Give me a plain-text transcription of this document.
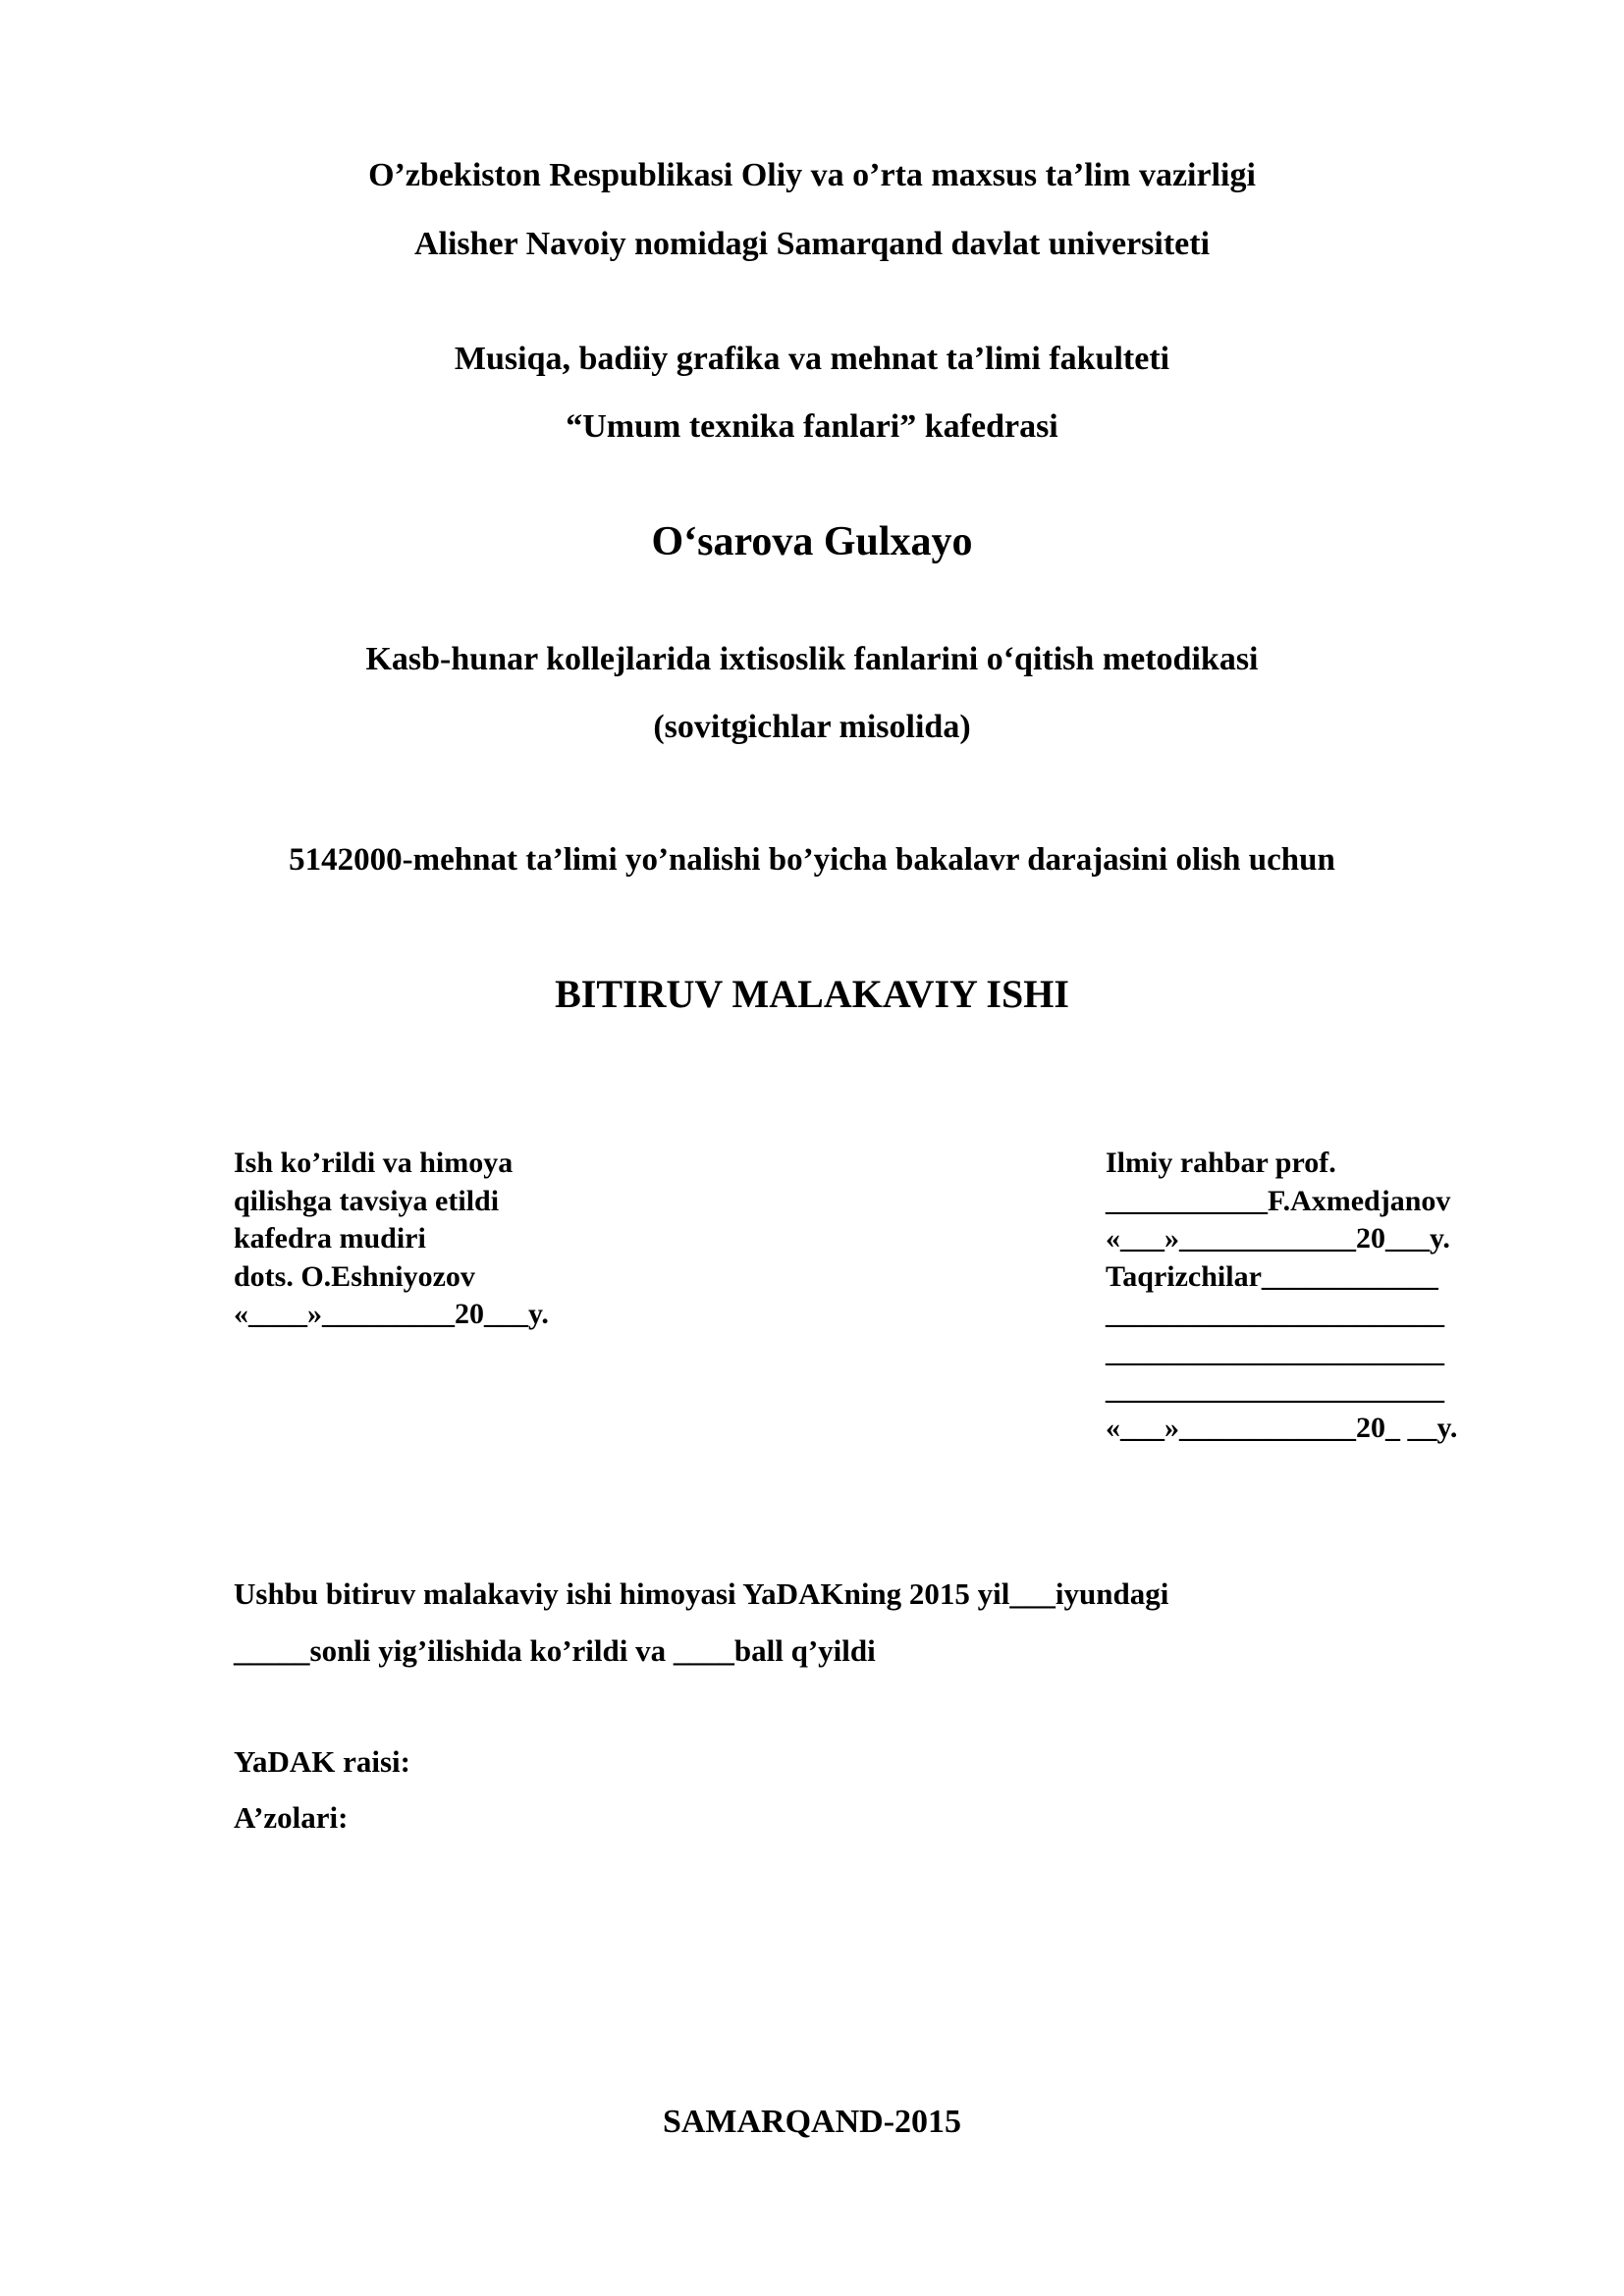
O’zbekiston Respublikasi Oliy va o’rta maxsus ta’lim vazirligi
Alisher Navoiy nomidagi Samarqand davlat universiteti
Musiqa, badiiy grafika va mehnat ta’limi fakulteti
“Umum texnika fanlari” kafedrasi
O‘sarova Gulxayo
Kasb-hunar kollejlarida ixtisoslik fanlarini o‘qitish metodikasi
(sovitgichlar misolida)
5142000-mehnat ta’limi yo’nalishi bo’yicha bakalavr darajasini olish uchun
BITIRUV MALAKAVIY ISHI
Ish ko’rildi va himoya
qilishga tavsiya etildi
kafedra mudiri
dots. O.Eshniyozov
«____»_________20___y.
Ilmiy rahbar prof.
___________F.Axmedjanov
«___»____________20___y.
Taqrizchilar____________
_______________________
_______________________
_______________________
«___»____________20_ __y.
Ushbu bitiruv malakaviy ishi himoyasi YaDAKning 2015 yil___iyundagi
_____sonli yig’ilishida ko’rildi va ____ball q’yildi
YaDAK raisi:
A’zolari:
SAMARQAND-2015
